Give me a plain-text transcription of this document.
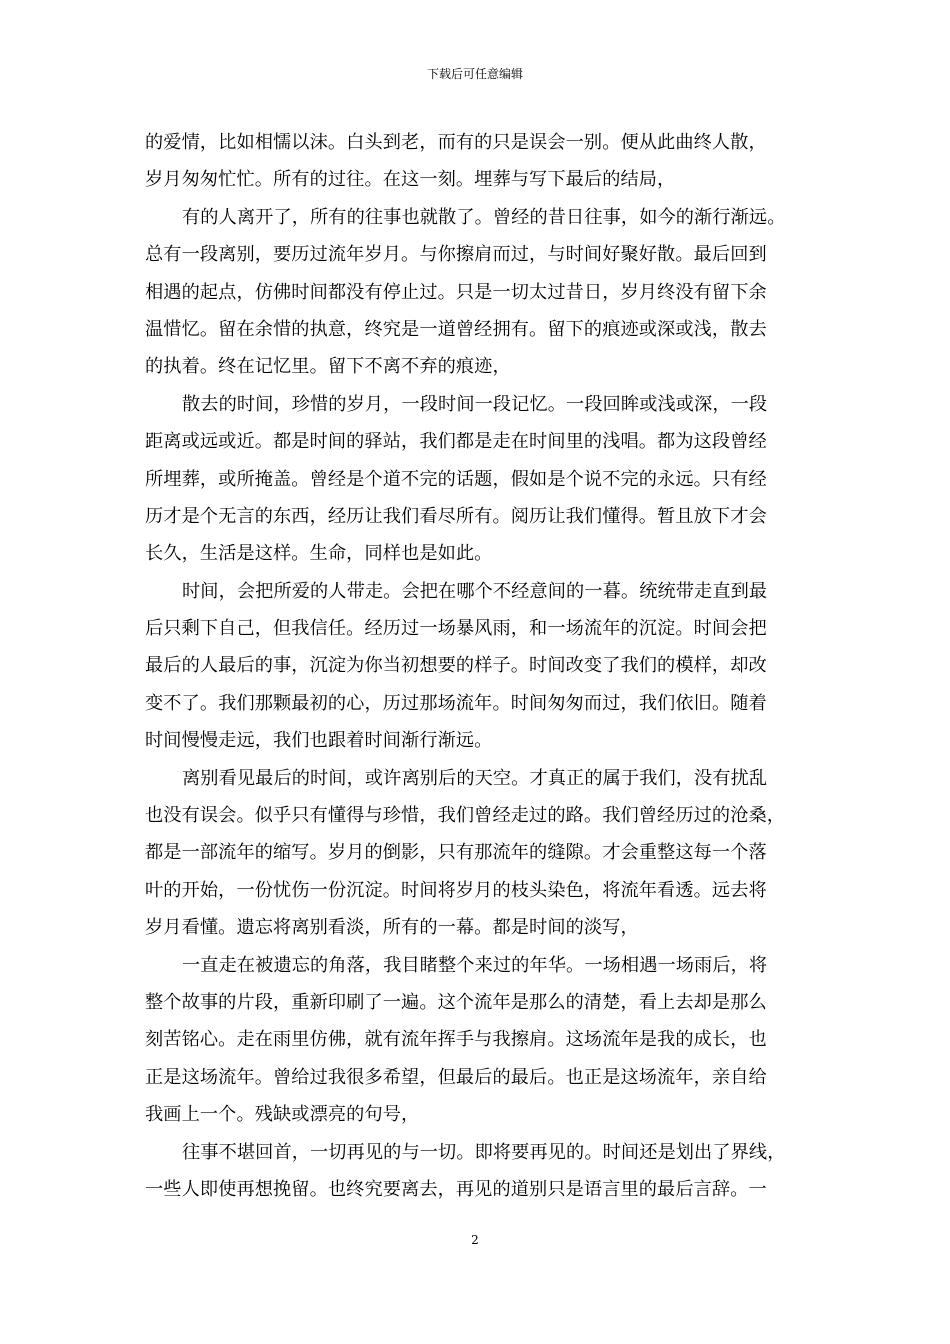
下载后可任意编辑
的爱情，比如相懦以沫。白头到老，而有的只是误会一别。便从此曲终人散，
岁月匆匆忙忙。所有的过往。在这一刻。埋葬与写下最后的结局，
有的人离开了，所有的往事也就散了。曾经的昔日往事，如今的渐行渐远。
总有一段离别，要历过流年岁月。与你擦肩而过，与时间好聚好散。最后回到
相遇的起点，仿佛时间都没有停止过。只是一切太过昔日，岁月终没有留下余
温惜忆。留在余惜的执意，终究是一道曾经拥有。留下的痕迹或深或浅，散去
的执着。终在记忆里。留下不离不弃的痕迹，
散去的时间，珍惜的岁月，一段时间一段记忆。一段回眸或浅或深，一段
距离或远或近。都是时间的驿站，我们都是走在时间里的浅唱。都为这段曾经
所埋葬，或所掩盖。曾经是个道不完的话题，假如是个说不完的永远。只有经
历才是个无言的东西，经历让我们看尽所有。阅历让我们懂得。暂且放下才会
长久，生活是这样。生命，同样也是如此。
时间，会把所爱的人带走。会把在哪个不经意间的一暮。统统带走直到最
后只剩下自己，但我信任。经历过一场暴风雨，和一场流年的沉淀。时间会把
最后的人最后的事，沉淀为你当初想要的样子。时间改变了我们的模样，却改
变不了。我们那颗最初的心，历过那场流年。时间匆匆而过，我们依旧。随着
时间慢慢走远，我们也跟着时间渐行渐远。
离别看见最后的时间，或许离别后的天空。才真正的属于我们，没有扰乱
也没有误会。似乎只有懂得与珍惜，我们曾经走过的路。我们曾经历过的沧桑，
都是一部流年的缩写。岁月的倒影，只有那流年的缝隙。才会重整这每一个落
叶的开始，一份忧伤一份沉淀。时间将岁月的枝头染色，将流年看透。远去将
岁月看懂。遗忘将离别看淡，所有的一幕。都是时间的淡写，
一直走在被遗忘的角落，我目睹整个来过的年华。一场相遇一场雨后，将
整个故事的片段，重新印刷了一遍。这个流年是那么的清楚，看上去却是那么
刻苦铭心。走在雨里仿佛，就有流年挥手与我擦肩。这场流年是我的成长，也
正是这场流年。曾给过我很多希望，但最后的最后。也正是这场流年，亲自给
我画上一个。残缺或漂亮的句号，
往事不堪回首，一切再见的与一切。即将要再见的。时间还是划出了界线，
一些人即使再想挽留。也终究要离去，再见的道别只是语言里的最后言辞。一
2
